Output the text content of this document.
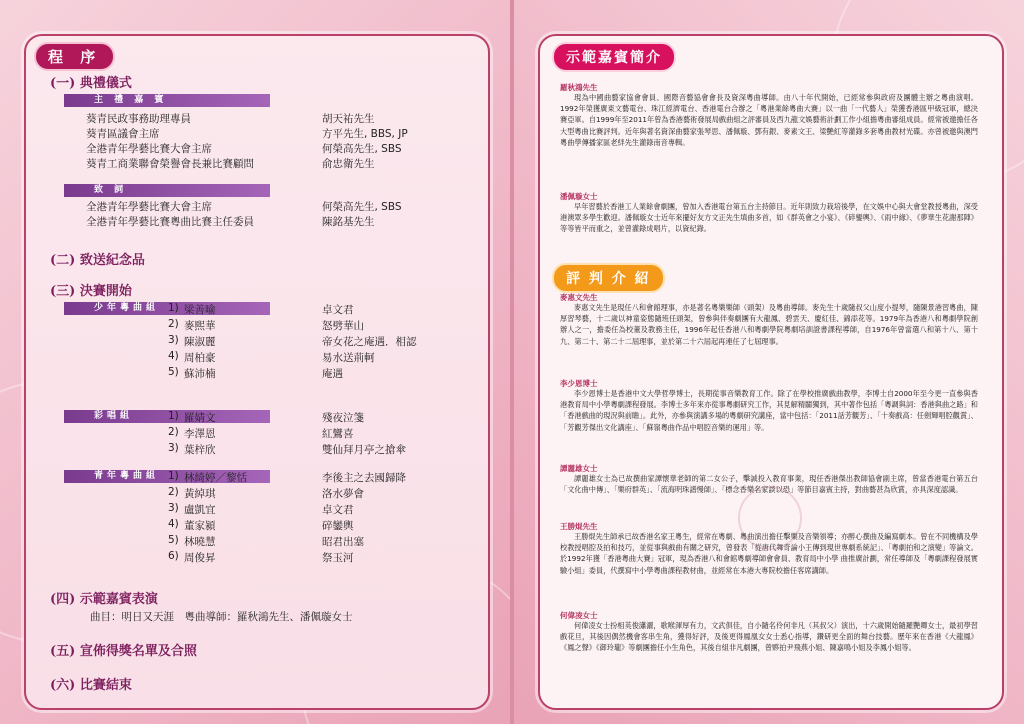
程 序
(一) 典禮儀式
主 禮 嘉 賓
葵青民政事務助理專員	胡天祐先生
葵青區議會主席	方平先生, BBS, JP
全港青年學藝比賽大會主席	何榮高先生, SBS
葵青工商業聯會榮譽會長兼比賽顧問	俞忠衛先生
致 詞
全港青年學藝比賽大會主席	何榮高先生, SBS
全港青年學藝比賽粵曲比賽主任委員	陳銘基先生
(二) 致送紀念品
(三) 決賽開始
少年粵曲組 1) 梁善喻	卓文君
2) 麥熙華	怒劈華山
3) 陳淑麗	帝女花之庵遇．相認
4) 周柏豪	易水送荊軻
5) 蘇沛楠	庵遇
彩唱組	1) 羅婧文	殘夜泣箋
2) 李澤恩	紅鸞喜
3) 葉梓欣	雙仙拜月亭之搶傘
青年粵曲組 1) 林綺婷／黎恬	李後主之去國歸降
2) 黃綽琪	洛水夢會
3) 盧凱宜	卓文君
4) 董家潁	碎鑾輿
5) 林曉慧	昭君出塞
6) 周俊昇	祭玉河
(四) 示範嘉賓表演
曲目：明日又天涯　粵曲導師：羅秋鴻先生、潘佩璇女士
(五) 宣佈得獎名單及合照
(六) 比賽結束
示範嘉賓簡介
羅秋鴻先生
現為中國曲藝家協會會員、國際音藝協會會長及資深粵曲導師。由八十年代開始，已經常參與政府及團體主辦之粵曲演唱。1992年榮獲廣東文藝電台、珠江經濟電台、香港電台合辦之「粵港業餘粵曲大賽」以一曲「一代藝人」榮獲香港區甲級冠軍，總決賽亞軍。自1999年至2011年曾為香港藝術發展局戲曲組之評審員及西九龍文娛藝術計劃工作小組擔粵曲審組成員。經常被邀擔任各大型粵曲比賽評判。近年與著名資深曲藝家張琴思、潘佩璇、鄧有銀、麥素文王、梁艷紅等灌錄多套粵曲教材光碟。亦曾被邀與澳門粵曲學傳播家區老絆先生灌錄南音專輯。
潘佩璇女士
早年習藝於香港工人業餘會劇團，曾加入香港電台第五台主持節目。近年則致力栽培後學，在文娛中心與大會堂教授粵曲，深受港澳眾多學生歡迎。潘佩璇女士近年來擺好友方文正先生填曲多首，如《群英會之小宴》、《碎鑾輿》、《雨中緣》、《夢華生花謝那陣》等等皆平而重之，並曾灌錄成唱片，以資紀錄。
評 判 介 紹
麥惠文先生
麥惠文先生是現任八和會館理事，亦是著名粵樂樂師（頭架）及粵曲導師。麥先生十歲隨叔父山度小提琴，隨陳景港習粵曲，陳厚習琴藝，十二歲以神童姿態隨班任頭架，曾參與伴奏劇團有大龍鳳、碧雲天、慶紅佳、錦添花等。1979年為香港八和粵劇學院創辦人之一，擔委任為校董及教務主任，1996年起任香港八和粵劇學院粵劇培訓證書課程導師，自1976年曾當選八和第十八、第十九、第二十、第二十二屆理事，並於第二十六屆起再連任了七屆理事。
李少恩博士
李少恩博士是香港中文大學哲學博士，長期從事音樂教育工作。除了在學校推廣戲曲教學，李博士自2000年至今更一直參與香港教育局中小學粵劇課程發展。李博士多年來亦從事粵劇研究工作，其見解精闢獨到，其中著作包括「粵調與詞：香港與曲之路」和「香港戲曲的現況與前瞻」。此外，亦參與演講多場的粵劇研究講座，當中包括：「2011話芳觀芳」、「十奏戲高：任劍輝唱腔觀賞」、「芳觀芳傑出文化講座」、「蘇嶺粵曲作品中唱腔音樂的運用」等。
譚麗雄女士
譚麗雄女士為已故撰曲家譚懷華老師的第二女公子，擊誠投入教育事業，現任香港傑出教師協會副主席，曾當香港電台第五台「文化曲中傳」、「樂府群英」、「流海明珠譜慢師」、「標念香樂名家談以恐」等節目嘉賓主持，對曲藝甚為欣賞，亦具深度認識。
王勝焜先生
王勝焜先生師承已故香港名家王粵生，經常在粵劇、粵曲演出擔任擊樂及音樂領導；亦醉心撰曲及編寫劇本。曾在不同機構及學校教授唱腔及拍和技巧，並從事與戲曲有關之研究，曾發表「從唐代舞奇論小王傳到現世專劇系統記」、「粵劇拍和之演變」等論文。於1992年獲「香港粵曲大賽」冠軍，現為香港八和會館粵劇導師會會員、教育局中小學 曲推廣計劃，常任導師及「粵劇課程發展實驗小組」委員，代撰寫中小學粵曲課程教材曲，並經常在本港大專院校擔任客席講師。
何偉凌女士
何偉凌女士扮相英俊瀟灑，歌喉渾厚有力，文武俱佳，自小隨名伶何非凡（其叔父）演出，十六歲開始隨羅艷卿女士，最初學習戲花旦，其後因偶然機會客串生角，獲得好評，及後更得鳳凰女女士悉心指導，鑽研更全面的舞台技藝。歷年來在香港《大龍鳳》《鳳之聲》《御玲瓏》等劇團擔任小生角色，其後自組非凡劇團，曾夥拍尹飛燕小姐、陳嘉鳴小姐及李鳳小姐等。
